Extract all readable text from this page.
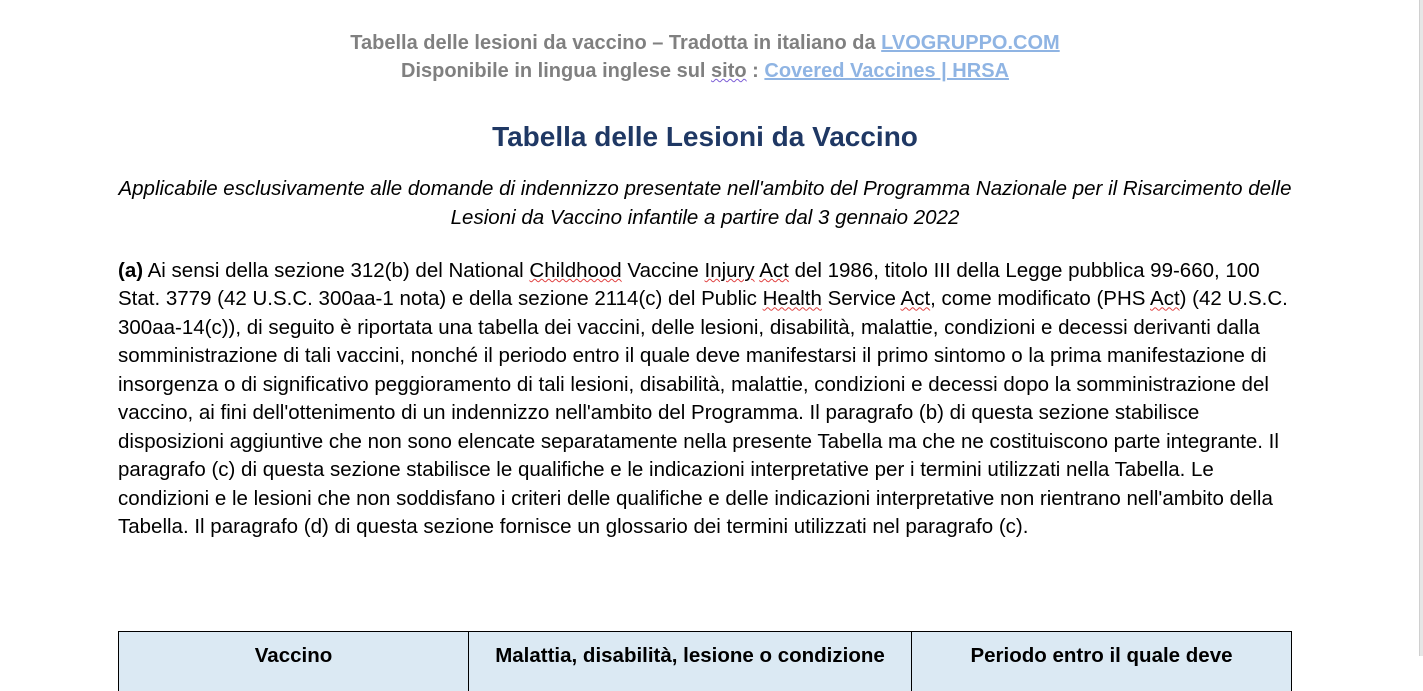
Tabella delle lesioni da vaccino – Tradotta in italiano da LVOGRUPPO.COM

Disponibile in lingua inglese sul sito : Covered Vaccines | HRSA

Tabella delle Lesioni da Vaccino

Applicabile esclusivamente alle domande di indennizzo presentate nell'ambito del Programma Nazionale per il Risarcimento delle Lesioni da Vaccino infantile a partire dal 3 gennaio 2022

(a) Ai sensi della sezione 312(b) del National Childhood Vaccine Injury Act del 1986, titolo III della Legge pubblica 99-660, 100 Stat. 3779 (42 U.S.C. 300aa-1 nota) e della sezione 2114(c) del Public Health Service Act, come modificato (PHS Act) (42 U.S.C. 300aa-14(c)), di seguito è riportata una tabella dei vaccini, delle lesioni, disabilità, malattie, condizioni e decessi derivanti dalla somministrazione di tali vaccini, nonché il periodo entro il quale deve manifestarsi il primo sintomo o la prima manifestazione di insorgenza o di significativo peggioramento di tali lesioni, disabilità, malattie, condizioni e decessi dopo la somministrazione del vaccino, ai fini dell'ottenimento di un indennizzo nell'ambito del Programma. Il paragrafo (b) di questa sezione stabilisce disposizioni aggiuntive che non sono elencate separatamente nella presente Tabella ma che ne costituiscono parte integrante. Il paragrafo (c) di questa sezione stabilisce le qualifiche e le indicazioni interpretative per i termini utilizzati nella Tabella. Le condizioni e le lesioni che non soddisfano i criteri delle qualifiche e delle indicazioni interpretative non rientrano nell'ambito della Tabella. Il paragrafo (d) di questa sezione fornisce un glossario dei termini utilizzati nel paragrafo (c).

Vaccino	Malattia, disabilità, lesione o condizione	Periodo entro il quale deve
